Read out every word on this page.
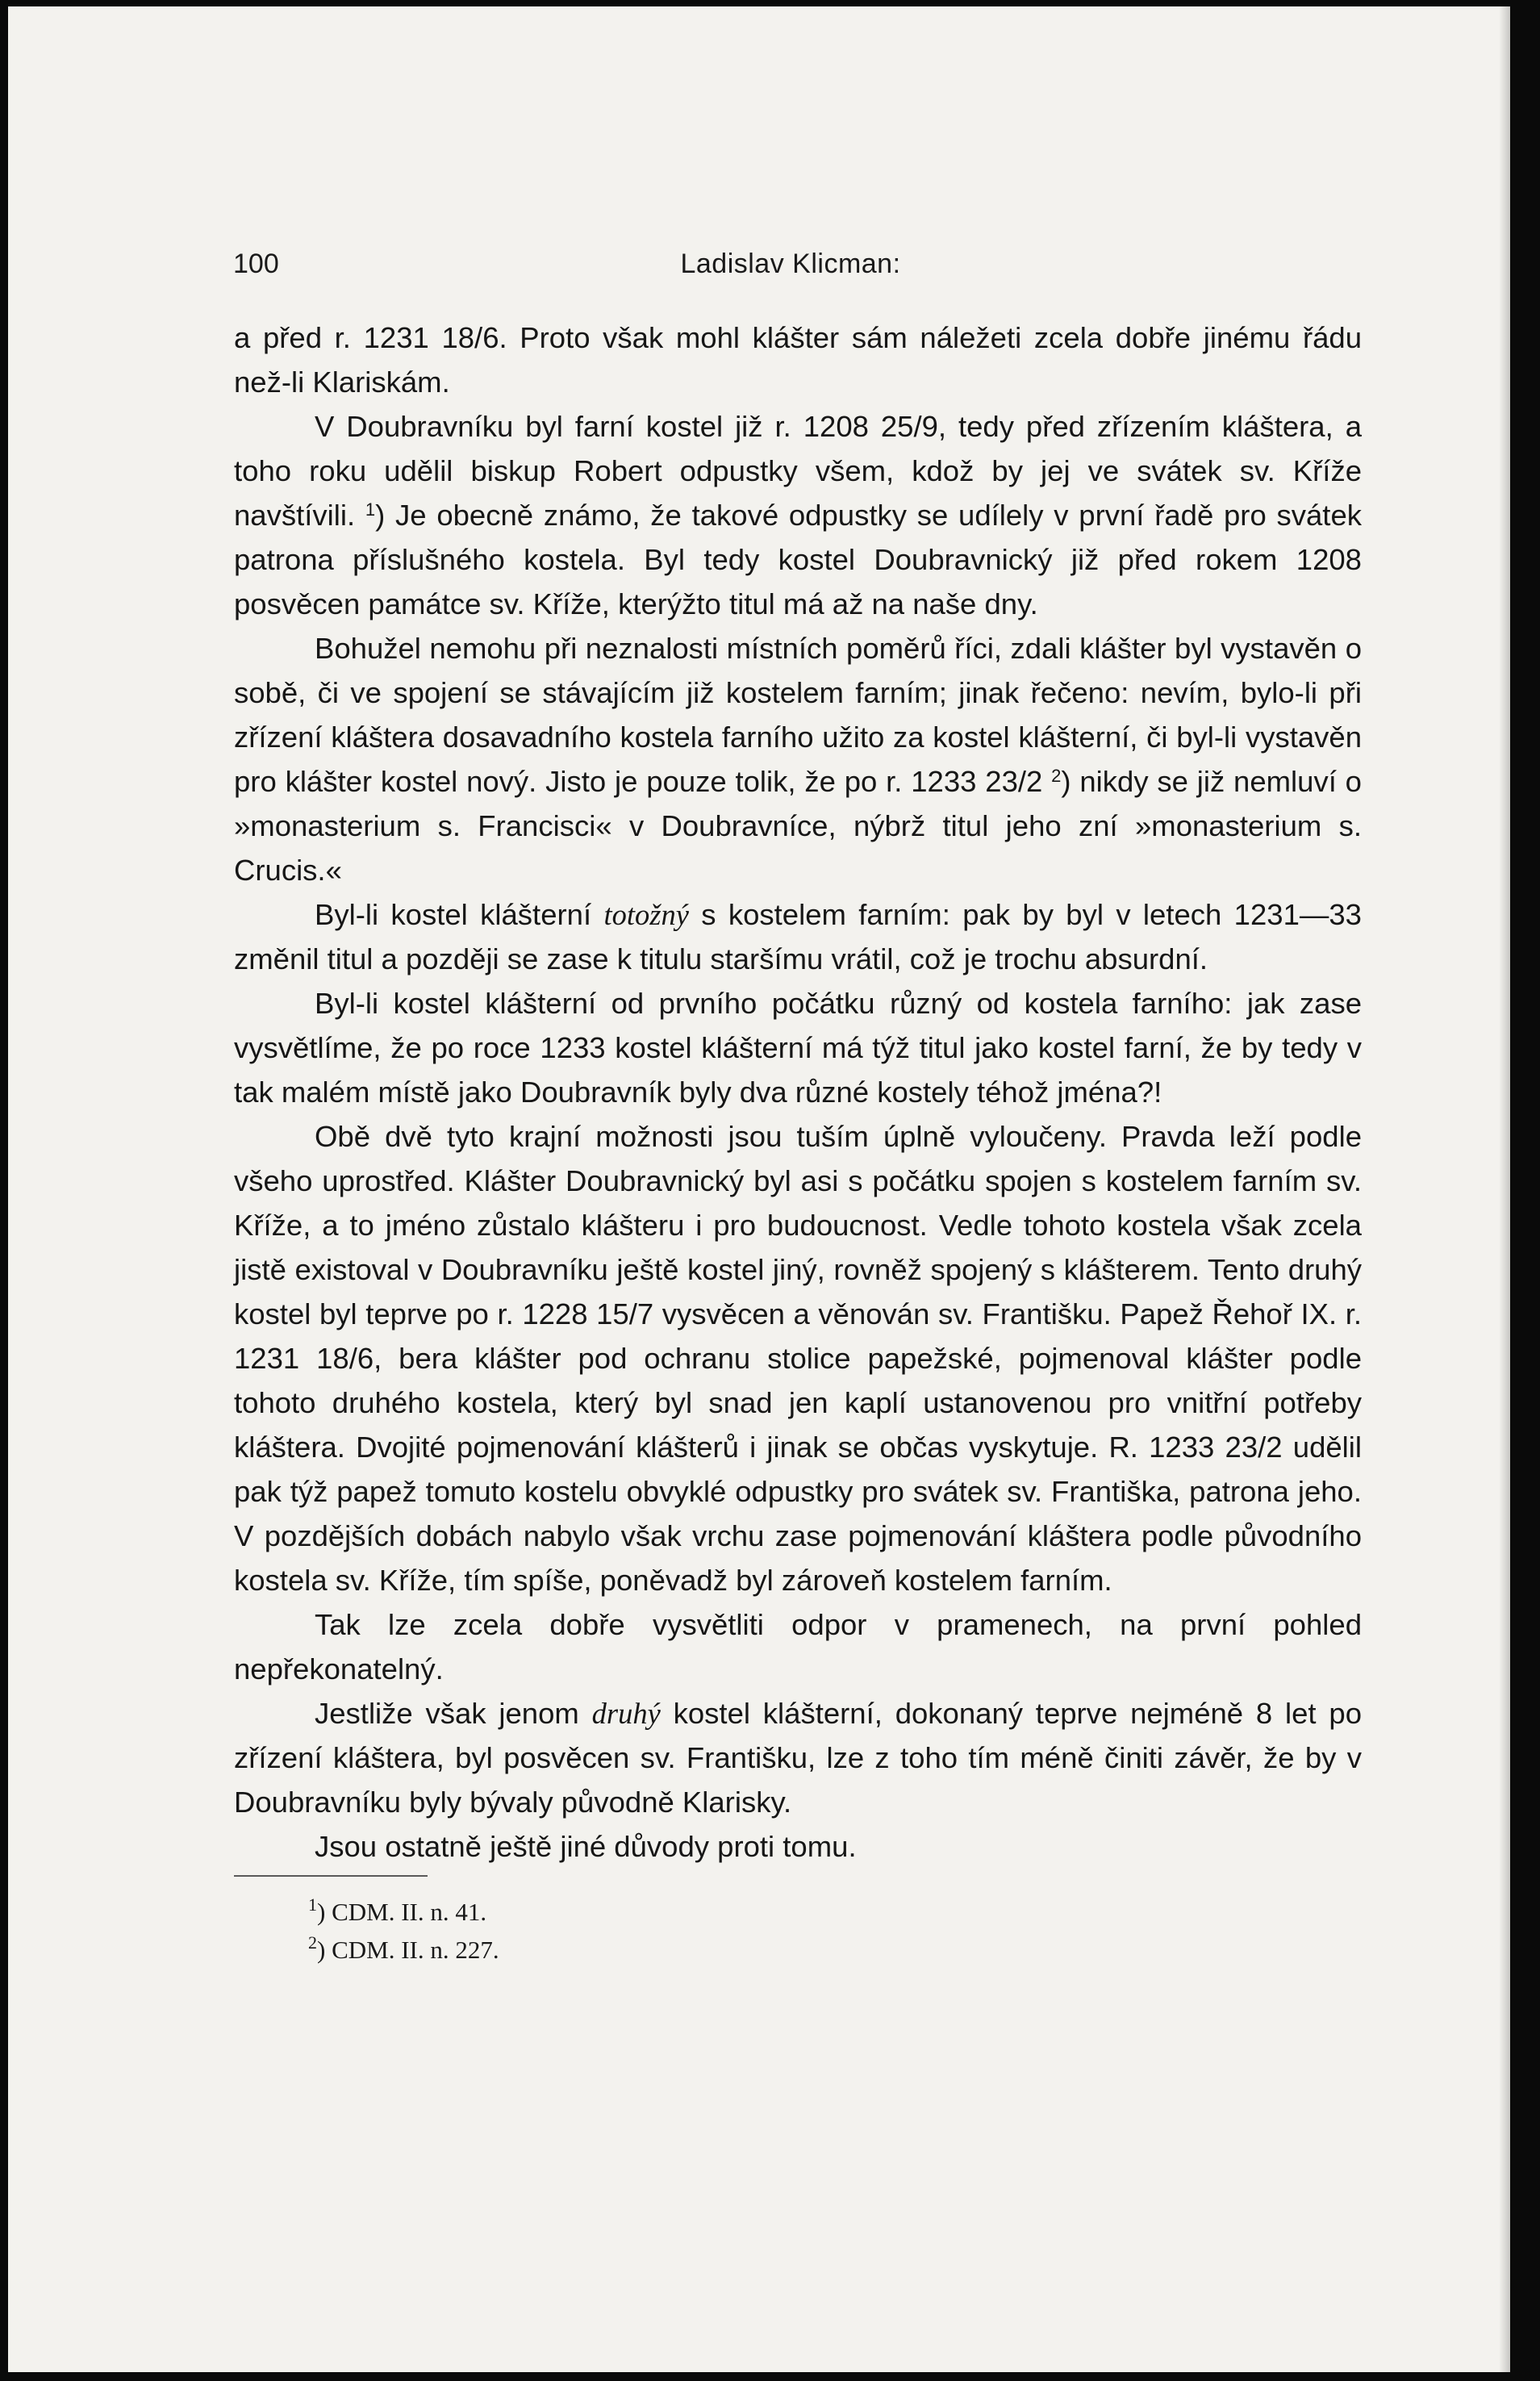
100	Ladislav Klicman:

a před r. 1231 18/6. Proto však mohl klášter sám náležeti zcela dobře jinému řádu než-li Klariskám.

V Doubravníku byl farní kostel již r. 1208 25/9, tedy před zřízením kláštera, a toho roku udělil biskup Robert odpustky všem, kdož by jej ve svátek sv. Kříže navštívili. $^1$) Je obecně známo, že takové odpustky se udílely v první řadě pro svátek patrona příslušného kostela. Byl tedy kostel Doubravnický již před rokem 1208 posvěcen památce sv. Kříže, kterýžto titul má až na naše dny.

Bohužel nemohu při neznalosti místních poměrů říci, zdali klášter byl vystavěn o sobě, či ve spojení se stávajícím již kostelem farním; jinak řečeno: nevím, bylo-li při zřízení kláštera dosavadního kostela farního užito za kostel klášterní, či byl-li vystavěn pro klášter kostel nový. Jisto je pouze tolik, že po r. 1233 23/2 $^2$) nikdy se již nemluví o »monasterium s. Francisci« v Doubravníce, nýbrž titul jeho zní »monasterium s. Crucis.«

Byl-li kostel klášterní totožný s kostelem farním: pak by byl v letech 1231—33 změnil titul a později se zase k titulu staršímu vrátil, což je trochu absurdní.

Byl-li kostel klášterní od prvního počátku různý od kostela farního: jak zase vysvětlíme, že po roce 1233 kostel klášterní má týž titul jako kostel farní, že by tedy v tak malém místě jako Doubravník byly dva různé kostely téhož jména?!

Obě dvě tyto krajní možnosti jsou tuším úplně vyloučeny. Pravda leží podle všeho uprostřed. Klášter Doubravnický byl asi s počátku spojen s kostelem farním sv. Kříže, a to jméno zůstalo klášteru i pro budoucnost. Vedle tohoto kostela však zcela jistě existoval v Doubravníku ještě kostel jiný, rovněž spojený s klášterem. Tento druhý kostel byl teprve po r. 1228 15/7 vysvěcen a věnován sv. Františku. Papež Řehoř IX. r. 1231 18/6, bera klášter pod ochranu stolice papežské, pojmenoval klášter podle tohoto druhého kostela, který byl snad jen kaplí ustanovenou pro vnitřní potřeby kláštera. Dvojité pojmenování klášterů i jinak se občas vyskytuje. R. 1233 23/2 udělil pak týž papež tomuto kostelu obvyklé odpustky pro svátek sv. Františka, patrona jeho. V pozdějších dobách nabylo však vrchu zase pojmenování kláštera podle původního kostela sv. Kříže, tím spíše, poněvadž byl zároveň kostelem farním.

Tak lze zcela dobře vysvětliti odpor v pramenech, na první pohled nepřekonatelný.

Jestliže však jenom druhý kostel klášterní, dokonaný teprve nejméně 8 let po zřízení kláštera, byl posvěcen sv. Františku, lze z toho tím méně činiti závěr, že by v Doubravníku byly bývaly původně Klarisky.

Jsou ostatně ještě jiné důvody proti tomu.

$^1$) CDM. II. n. 41.
$^2$) CDM. II. n. 227.
